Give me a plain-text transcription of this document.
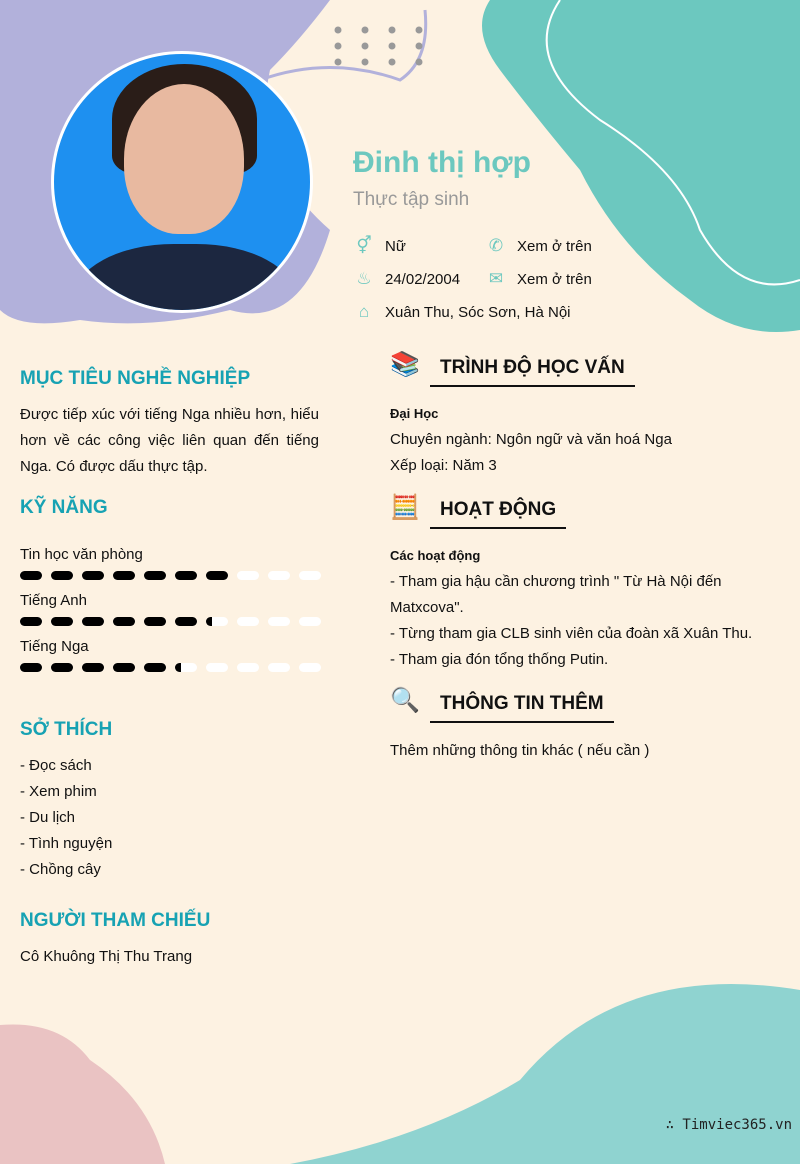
Đinh thị hợp
Thực tập sinh
⚥ Nữ	✆ Xem ở trên
♨ 24/02/2004 ✉ Xem ở trên
⌂	Xuân Thu, Sóc Sơn, Hà Nội
MỤC TIÊU NGHỀ NGHIỆP
Được tiếp xúc với tiếng Nga nhiều hơn, hiểu hơn về các công việc liên quan đến tiếng Nga. Có được dấu thực tập.
KỸ NĂNG
Tin học văn phòng
Tiếng Anh
Tiếng Nga
SỞ THÍCH
- Đọc sách
- Xem phim
- Du lịch
- Tình nguyện
- Chồng cây
NGƯỜI THAM CHIẾU
Cô Khuông Thị Thu Trang
📚	TRÌNH ĐỘ HỌC VẤN
Đại Học
Chuyên ngành: Ngôn ngữ và văn hoá Nga
Xếp loại: Năm 3
🧮	HOẠT ĐỘNG
Các hoạt động
- Tham gia hậu cần chương trình " Từ Hà Nội đến Matxcova".
- Từng tham gia CLB sinh viên của đoàn xã Xuân Thu.
- Tham gia đón tổng thống Putin.
🔍	THÔNG TIN THÊM
Thêm những thông tin khác ( nếu cần )
∴ Timviec365.vn
